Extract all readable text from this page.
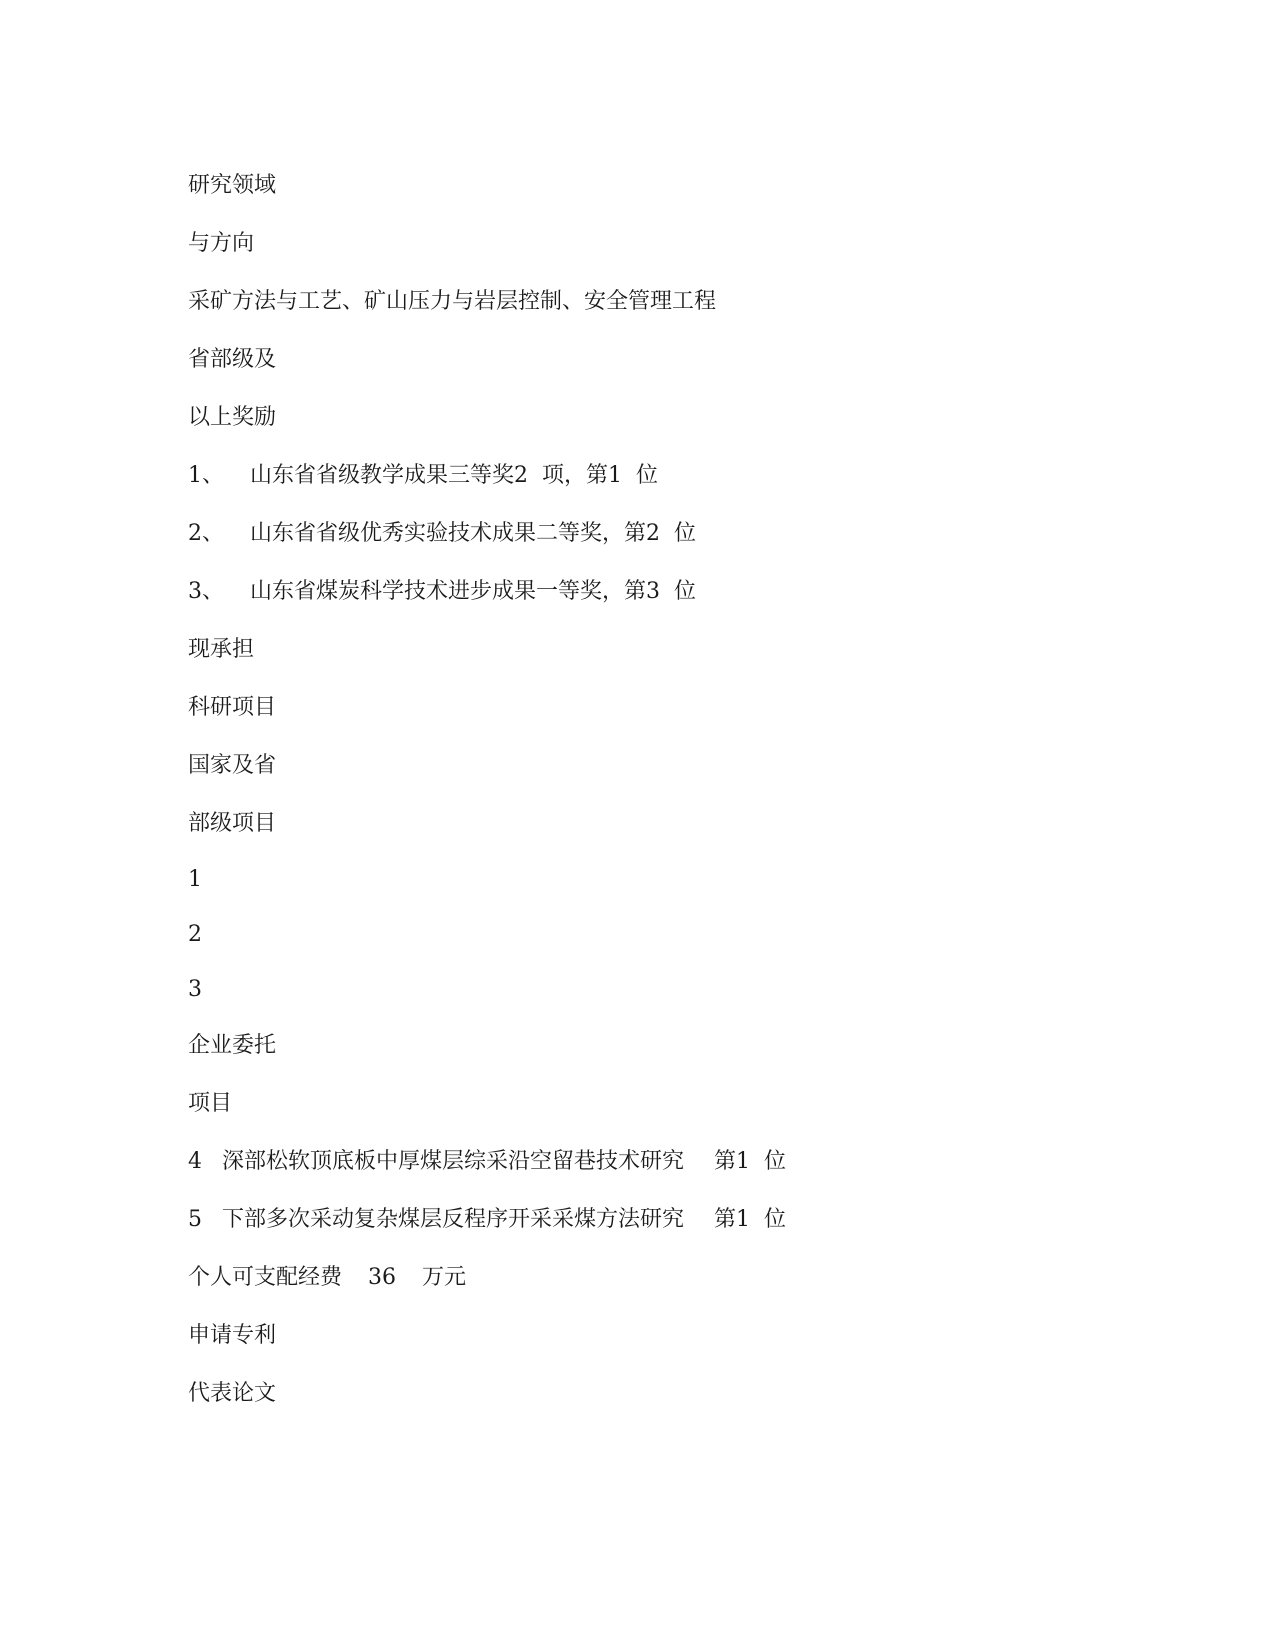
研究领域

与方向

采矿方法与工艺、矿山压力与岩层控制、安全管理工程

省部级及

以上奖励

1、 山东省省级教学成果三等奖2  项，第1  位

2、 山东省省级优秀实验技术成果二等奖，第2  位

3、 山东省煤炭科学技术进步成果一等奖，第3  位

现承担

科研项目

国家及省

部级项目

1

2

3

企业委托

项目

4 深部松软顶底板中厚煤层综采沿空留巷技术研究 第1  位

5 下部多次采动复杂煤层反程序开采采煤方法研究 第1  位

个人可支配经费 36 万元

申请专利

代表论文
